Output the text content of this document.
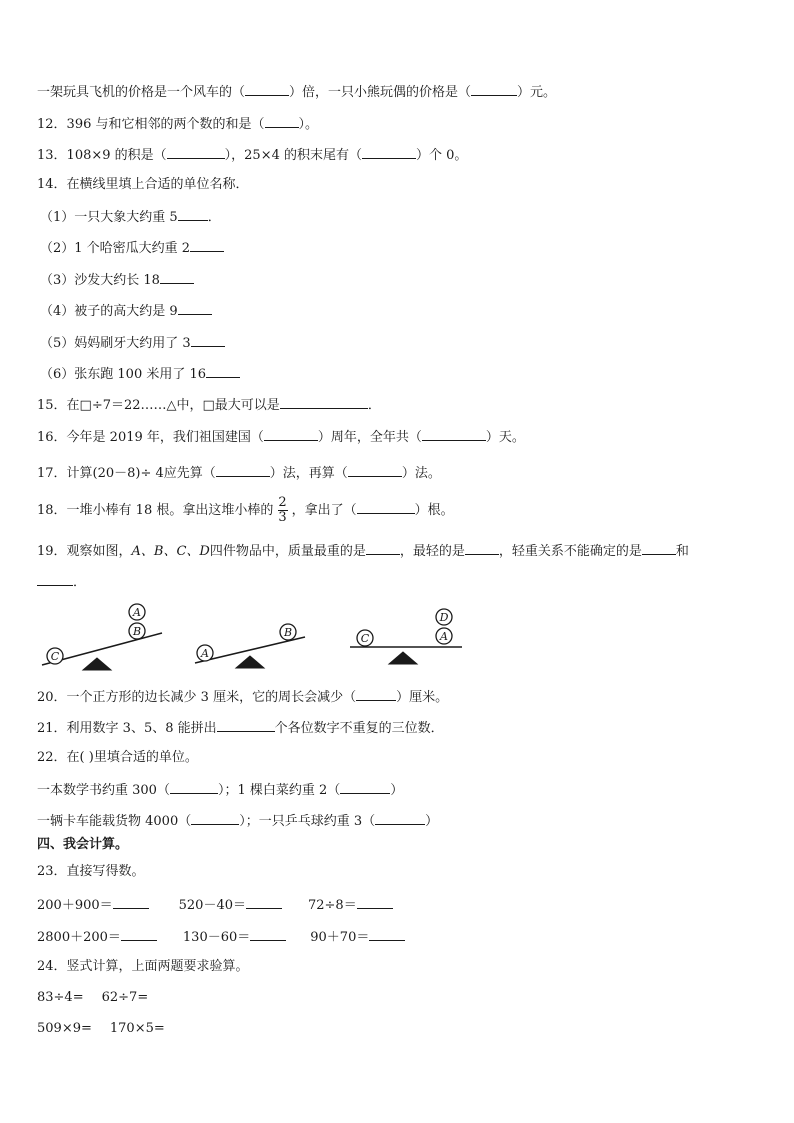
一架玩具飞机的价格是一个风车的（	）倍，一只小熊玩偶的价格是（	）元。
12．396 与和它相邻的两个数的和是（	）。
13．108×9 的积是（	），25×4 的积末尾有（	）个 0。
14．在横线里填上合适的单位名称．
（1）一只大象大约重 5 ．
（2）1 个哈密瓜大约重 2
（3）沙发大约长 18
（4）被子的高大约是 9
（5）妈妈刷牙大约用了 3
（6）张东跑 100 米用了 16
15．在□÷7＝22……△中，□最大可以是	．
16．今年是 2019 年，我们祖国建国（	）周年，全年共（	）天。
17．计算(20－8)÷ 4应先算（	）法，再算（	）法。
18．一堆小棒有 18 根。拿出这堆小棒的 $\frac{2}{3}$ ，拿出了（	）根。
19．观察如图，A、B、C、D四件物品中，质量最重的是	，最轻的是	，轻重关系不能确定的是	和
．
C
A
B
A
B	C
D
A
20．一个正方形的边长减少 3 厘米，它的周长会减少（	）厘米。
21．利用数字 3、5、8 能拼出	个各位数字不重复的三位数．
22．在( )里填合适的单位。
一本数学书约重 300（	）；1 棵白菜约重 2（	）
一辆卡车能载货物 4000（	）；一只乒乓球约重 3（	）
四、我会计算。
23．直接写得数。
200＋900＝	520－40＝	72÷8＝
2800＋200＝	130－60＝	90＋70＝
24．竖式计算，上面两题要求验算。
83÷4= 62÷7=
509×9= 170×5=
